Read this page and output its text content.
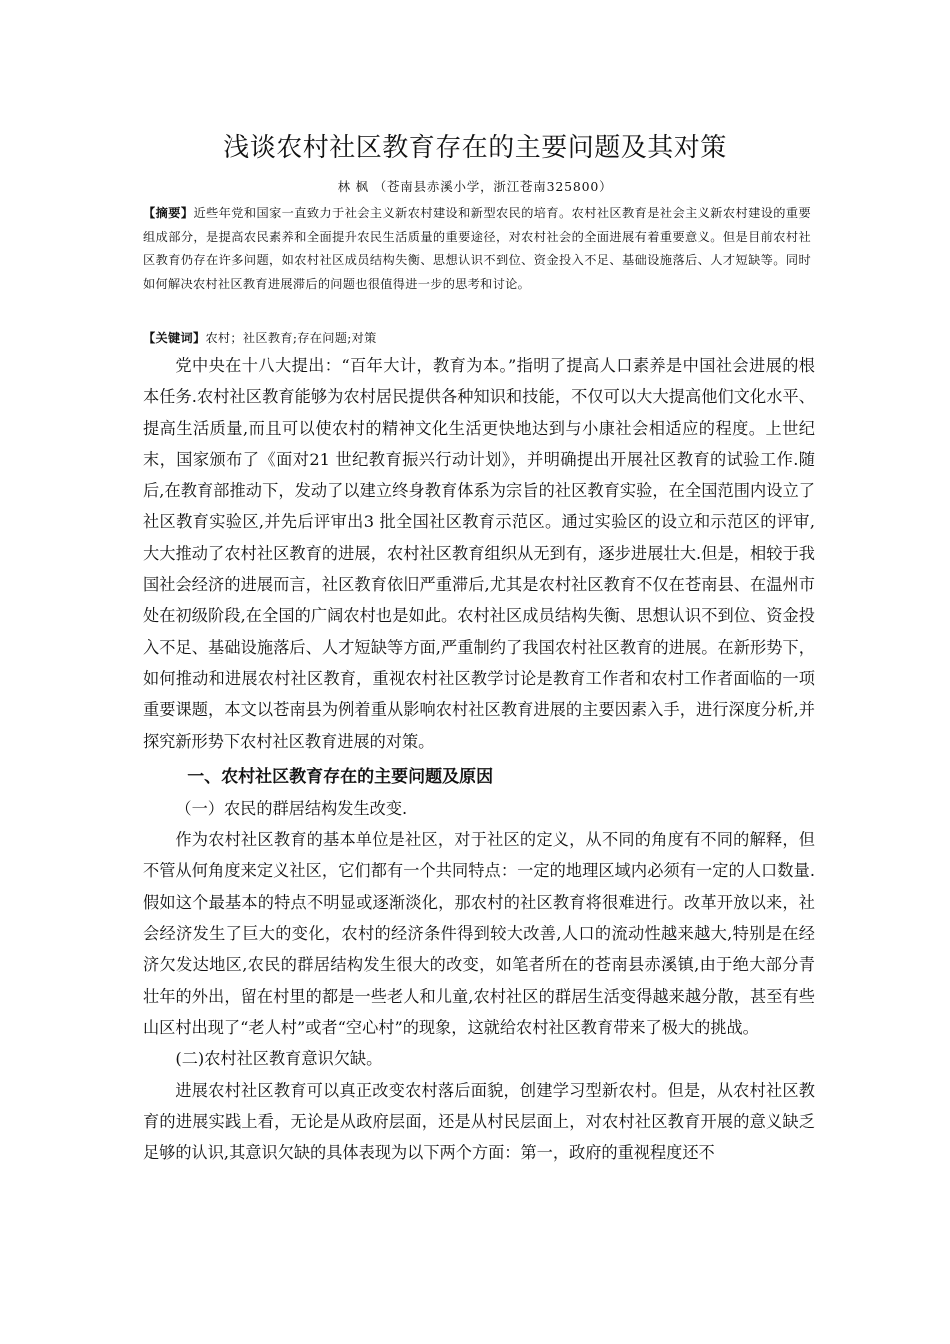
浅谈农村社区教育存在的主要问题及其对策
林 枫 （苍南县赤溪小学，浙江苍南325800）
【摘要】近些年党和国家一直致力于社会主义新农村建设和新型农民的培育。农村社区教育是社会主义新农村建设的重要组成部分，是提高农民素养和全面提升农民生活质量的重要途径，对农村社会的全面进展有着重要意义。但是目前农村社区教育仍存在许多问题，如农村社区成员结构失衡、思想认识不到位、资金投入不足、基础设施落后、人才短缺等。同时如何解决农村社区教育进展滞后的问题也很值得进一步的思考和讨论。
【关键词】农村；社区教育;存在问题;对策

党中央在十八大提出：“百年大计，教育为本。”指明了提高人口素养是中国社会进展的根本任务.农村社区教育能够为农村居民提供各种知识和技能，不仅可以大大提高他们文化水平、提高生活质量,而且可以使农村的精神文化生活更快地达到与小康社会相适应的程度。上世纪末，国家颁布了《面对21 世纪教育振兴行动计划》，并明确提出开展社区教育的试验工作.随后,在教育部推动下，发动了以建立终身教育体系为宗旨的社区教育实验，在全国范围内设立了社区教育实验区,并先后评审出3 批全国社区教育示范区。通过实验区的设立和示范区的评审,大大推动了农村社区教育的进展，农村社区教育组织从无到有，逐步进展壮大.但是，相较于我国社会经济的进展而言，社区教育依旧严重滞后,尤其是农村社区教育不仅在苍南县、在温州市处在初级阶段,在全国的广阔农村也是如此。农村社区成员结构失衡、思想认识不到位、资金投入不足、基础设施落后、人才短缺等方面,严重制约了我国农村社区教育的进展。在新形势下，如何推动和进展农村社区教育，重视农村社区教学讨论是教育工作者和农村工作者面临的一项重要课题，本文以苍南县为例着重从影响农村社区教育进展的主要因素入手，进行深度分析,并探究新形势下农村社区教育进展的对策。

一、农村社区教育存在的主要问题及原因

（一）农民的群居结构发生改变.

作为农村社区教育的基本单位是社区，对于社区的定义，从不同的角度有不同的解释，但不管从何角度来定义社区，它们都有一个共同特点：一定的地理区域内必须有一定的人口数量.假如这个最基本的特点不明显或逐渐淡化，那农村的社区教育将很难进行。改革开放以来，社会经济发生了巨大的变化，农村的经济条件得到较大改善,人口的流动性越来越大,特别是在经济欠发达地区,农民的群居结构发生很大的改变，如笔者所在的苍南县赤溪镇,由于绝大部分青壮年的外出，留在村里的都是一些老人和儿童,农村社区的群居生活变得越来越分散，甚至有些山区村出现了“老人村”或者“空心村”的现象，这就给农村社区教育带来了极大的挑战。

(二)农村社区教育意识欠缺。

进展农村社区教育可以真正改变农村落后面貌，创建学习型新农村。但是，从农村社区教育的进展实践上看，无论是从政府层面，还是从村民层面上，对农村社区教育开展的意义缺乏足够的认识,其意识欠缺的具体表现为以下两个方面：第一，政府的重视程度还不
